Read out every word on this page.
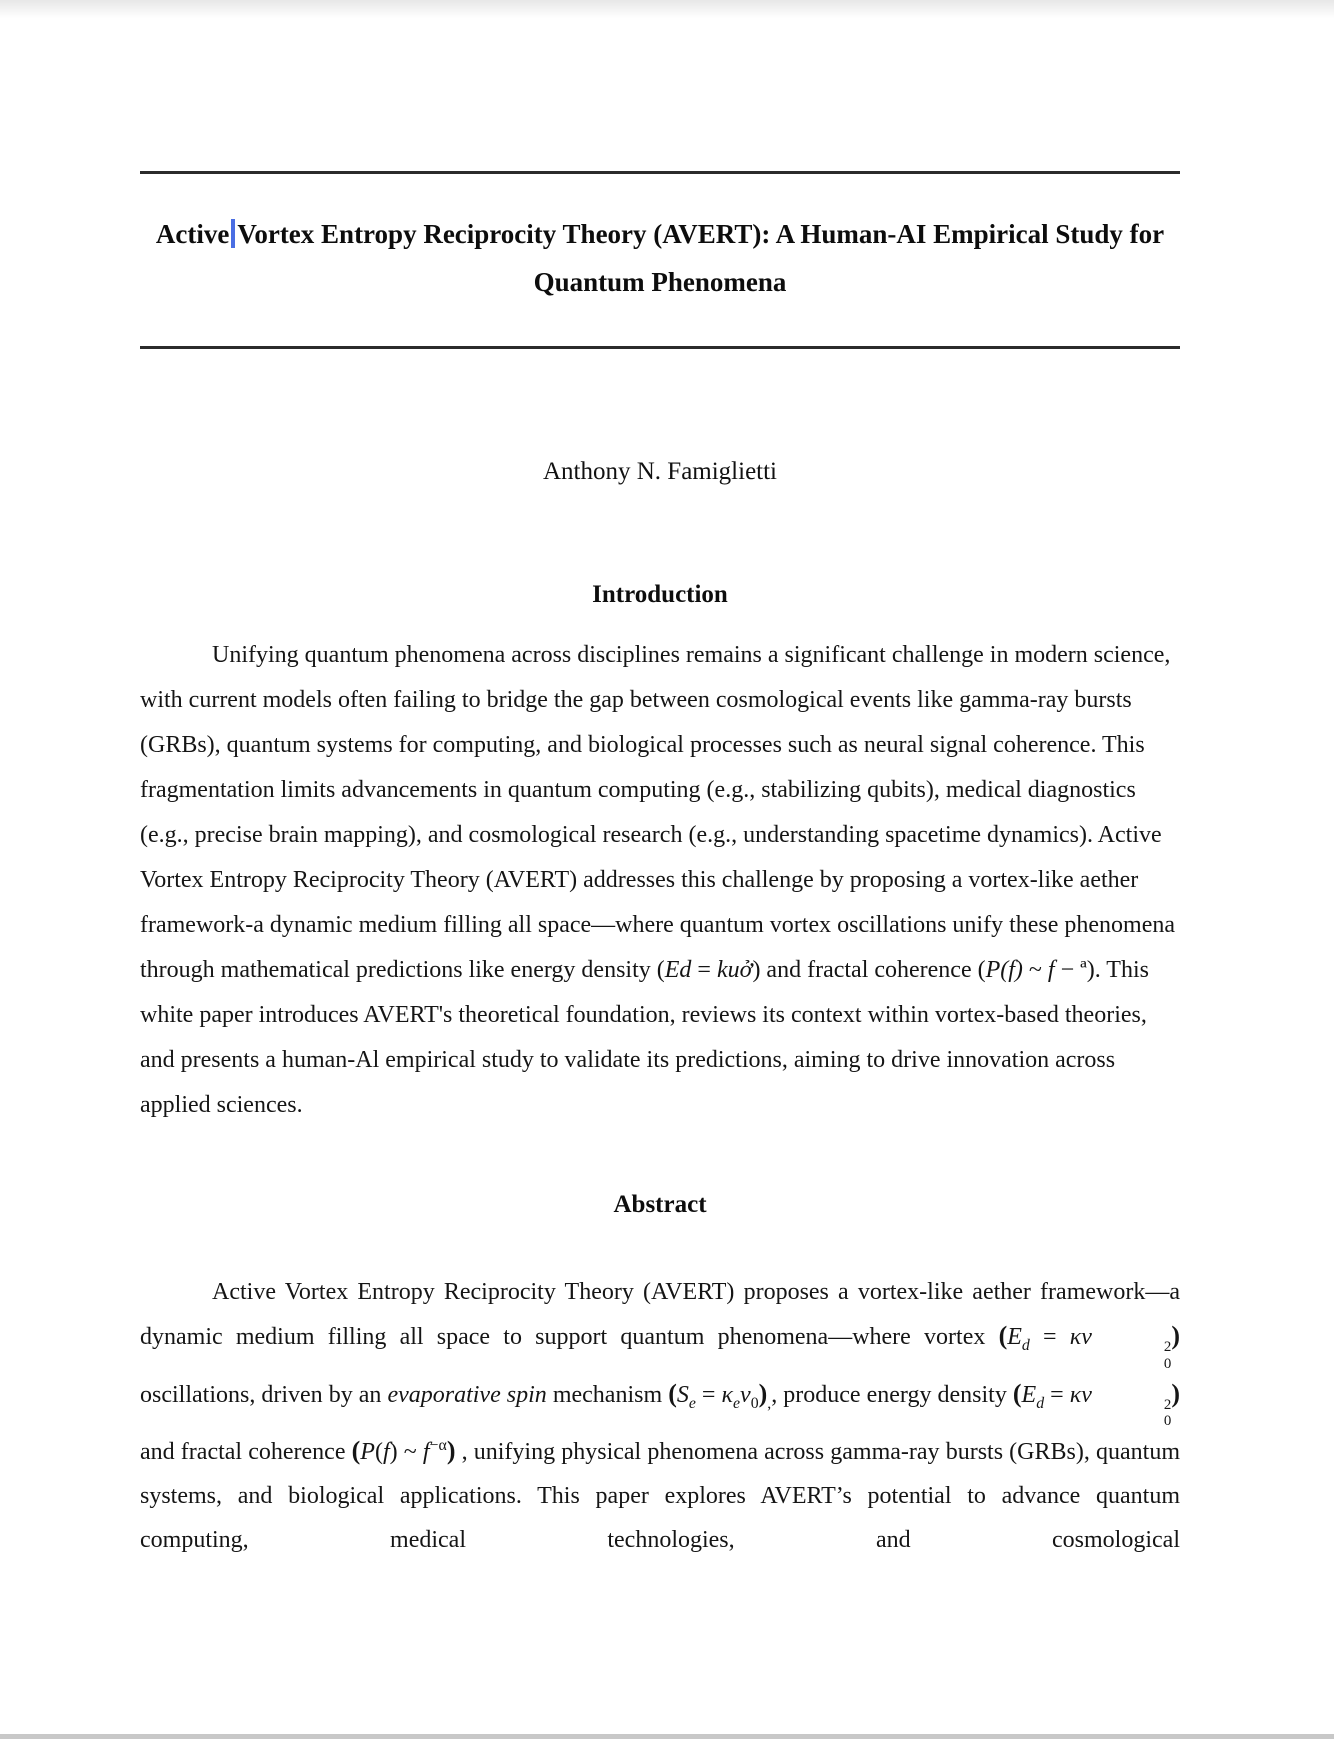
Active Vortex Entropy Reciprocity Theory (AVERT): A Human-AI Empirical Study for
Quantum Phenomena
Anthony N. Famiglietti
Introduction

Unifying quantum phenomena across disciplines remains a significant challenge in modern science, with current models often failing to bridge the gap between cosmological events like gamma-ray bursts (GRBs), quantum systems for computing, and biological processes such as neural signal coherence. This fragmentation limits advancements in quantum computing (e.g., stabilizing qubits), medical diagnostics (e.g., precise brain mapping), and cosmological research (e.g., understanding spacetime dynamics). Active Vortex Entropy Reciprocity Theory (AVERT) addresses this challenge by proposing a vortex-like aether framework-a dynamic medium filling all space—where quantum vortex oscillations unify these phenomena through mathematical predictions like energy density (Ed = kuở) and fractal coherence (P(f) ~ f − ª). This white paper introduces AVERT's theoretical foundation, reviews its context within vortex-based theories, and presents a human-Al empirical study to validate its predictions, aiming to drive innovation across applied sciences.

Abstract

Active Vortex Entropy Reciprocity Theory (AVERT) proposes a vortex-like aether framework—a dynamic medium filling all space to support quantum phenomena—where vortex ($E_d = \kappa v$	2
0
) oscillations, driven by an evaporative spin mechanism $(S_e = \kappa_ev_0)_,$, produce energy density ($E_d = \kappa v$	2
0
) and fractal coherence (P(f) ~ $f^{-\alpha}$) , unifying physical phenomena across gamma-ray bursts (GRBs), quantum systems, and biological applications. This paper explores AVERT’s potential to advance quantum computing, medical technologies, and cosmological
